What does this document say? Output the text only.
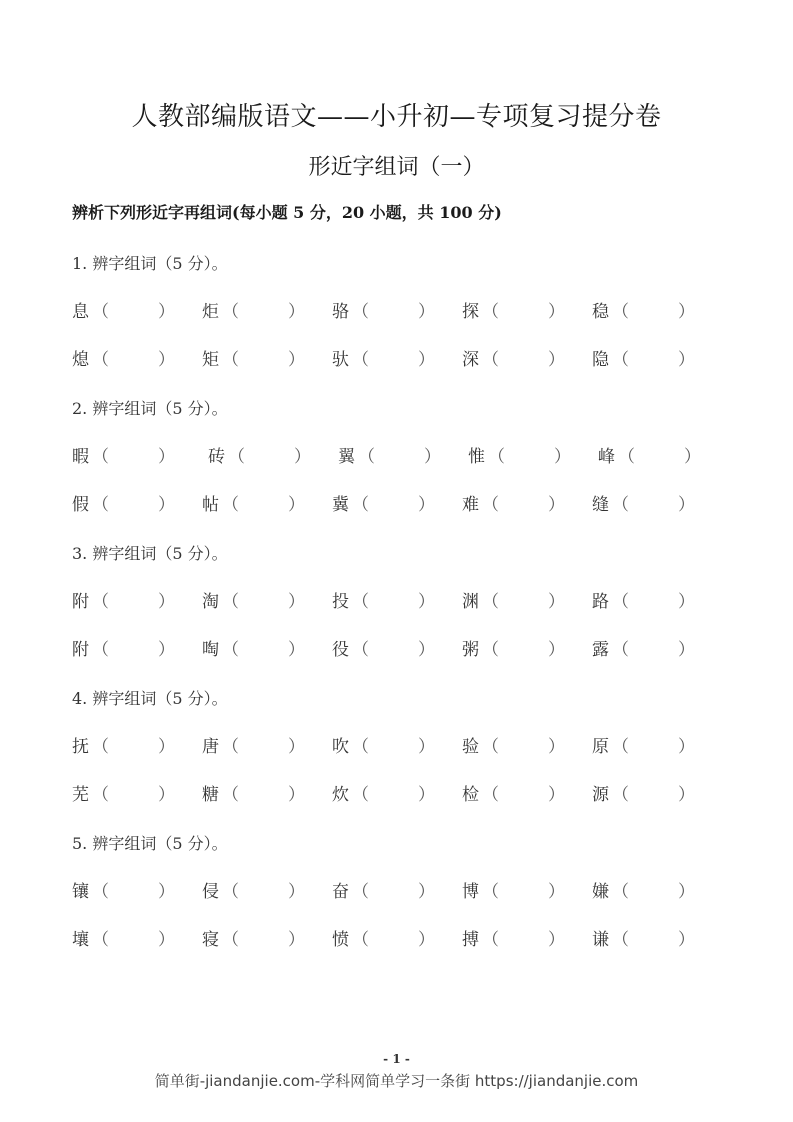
人教部编版语文——小升初—专项复习提分卷
形近字组词（一）
辨析下列形近字再组词(每小题 5 分，20 小题，共 100 分)
1. 辨字组词（5 分）。
息 （	） 炬 （	） 骆 （	） 探 （	） 稳 （	）
熄 （	） 矩 （	） 驮 （	） 深 （	） 隐 （	）
2. 辨字组词（5 分）。
暇 （	） 砖 （	） 翼 （	） 惟 （	） 峰 （	）
假 （	） 帖 （	） 冀 （	） 难 （	） 缝 （	）
3. 辨字组词（5 分）。
附 （	） 淘 （	） 投 （	） 渊 （	） 路 （	）
附 （	） 啕 （	） 役 （	） 粥 （	） 露 （	）
4. 辨字组词（5 分）。
抚 （	） 唐 （	） 吹 （	） 验 （	） 原 （	）
芜 （	） 糖 （	） 炊 （	） 检 （	） 源 （	）
5. 辨字组词（5 分）。
镶 （	） 侵 （	） 奋 （	） 博 （	） 嫌 （	）
壤 （	） 寝 （	） 愤 （	） 搏 （	） 谦 （	）
- 1 -
简单街-jiandanjie.com-学科网简单学习一条街 https://jiandanjie.com
